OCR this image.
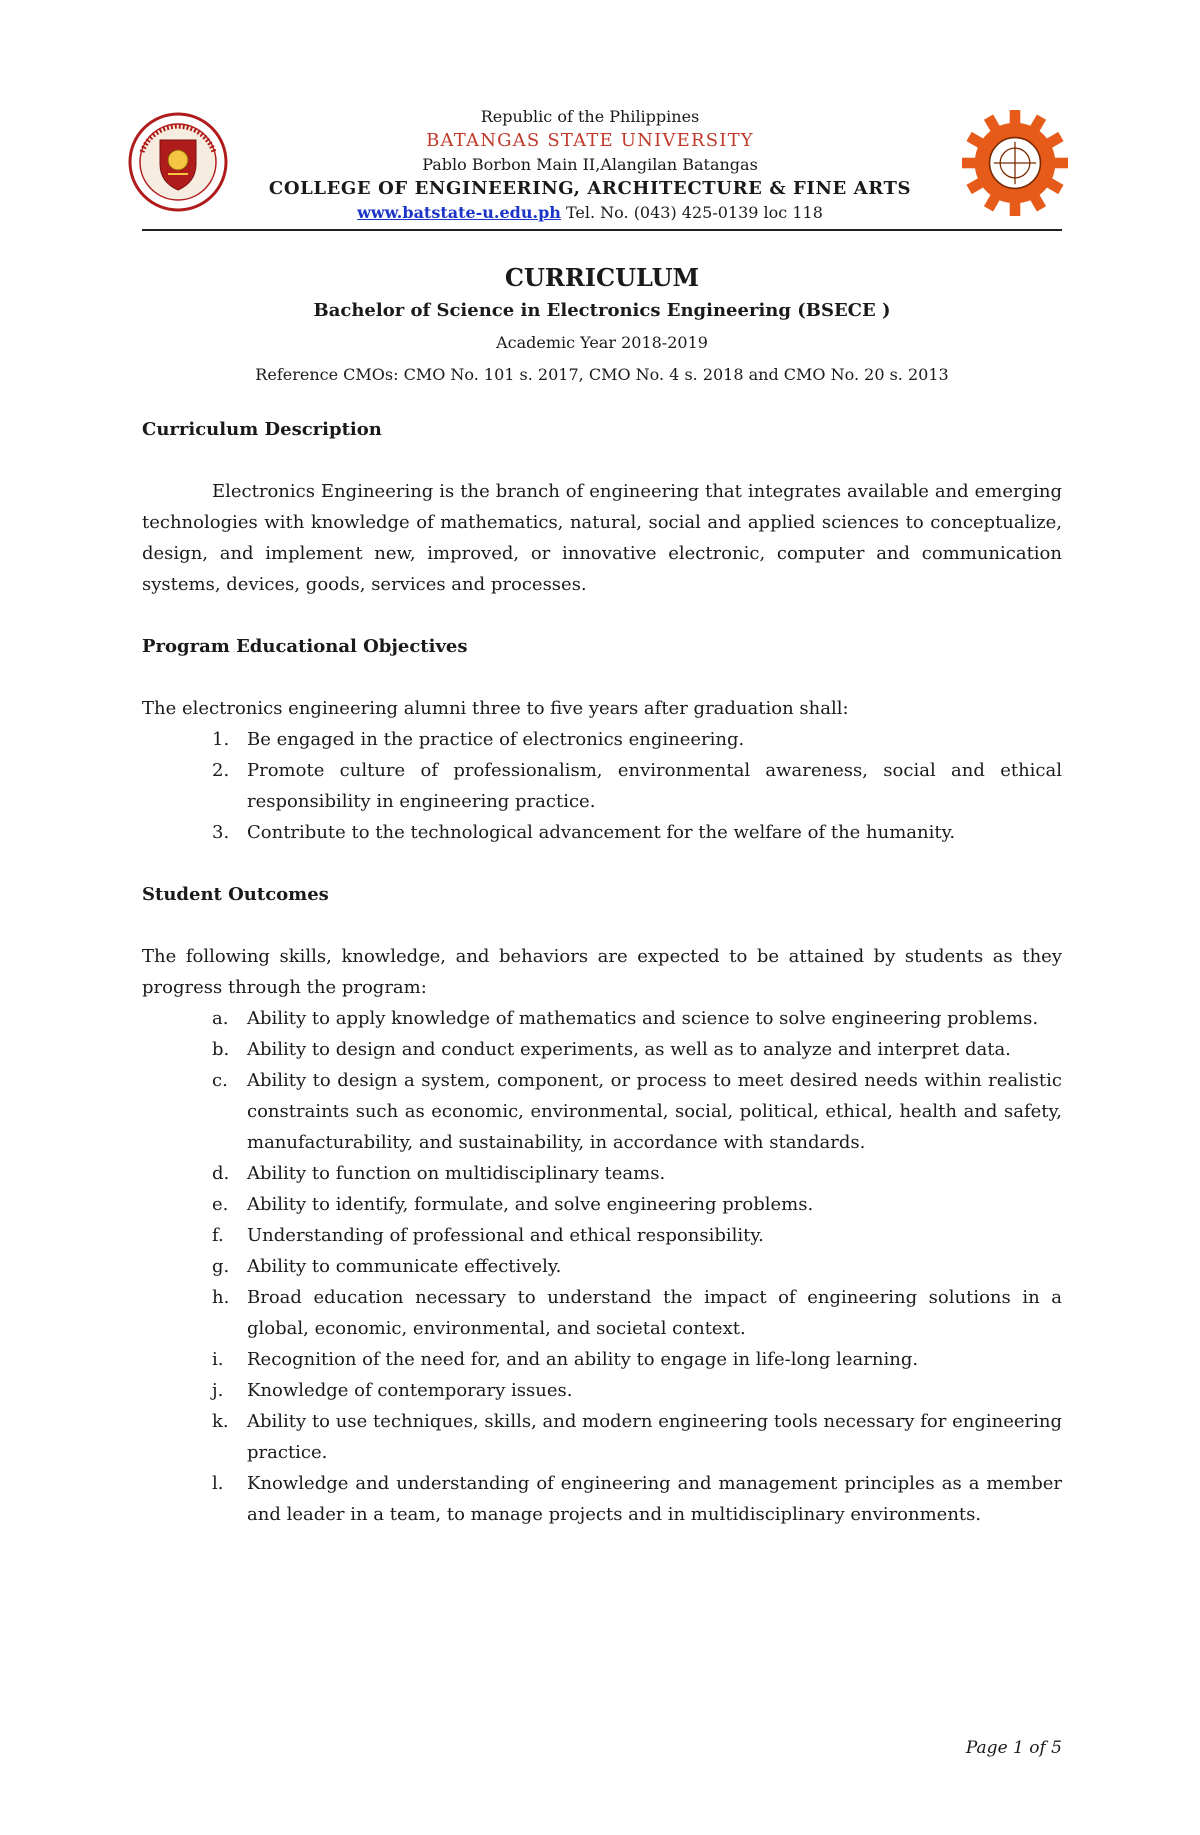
Republic of the Philippines
BATANGAS STATE UNIVERSITY
Pablo Borbon Main II,Alangilan Batangas
COLLEGE OF ENGINEERING, ARCHITECTURE & FINE ARTS
www.batstate-u.edu.ph Tel. No. (043) 425-0139 loc 118
CURRICULUM
Bachelor of Science in Electronics Engineering (BSECE )
Academic Year 2018-2019
Reference CMOs: CMO No. 101 s. 2017, CMO No. 4 s. 2018 and CMO No. 20 s. 2013
Curriculum Description

Electronics Engineering is the branch of engineering that integrates available and emerging technologies with knowledge of mathematics, natural, social and applied sciences to conceptualize, design, and implement new, improved, or innovative electronic, computer and communication systems, devices, goods, services and processes.

Program Educational Objectives

The electronics engineering alumni three to five years after graduation shall:

1. Be engaged in the practice of electronics engineering.
2. Promote culture of professionalism, environmental awareness, social and ethical responsibility in engineering practice.
3. Contribute to the technological advancement for the welfare of the humanity.
Student Outcomes

The following skills, knowledge, and behaviors are expected to be attained by students as they progress through the program:

a. Ability to apply knowledge of mathematics and science to solve engineering problems.
b. Ability to design and conduct experiments, as well as to analyze and interpret data.
c. Ability to design a system, component, or process to meet desired needs within realistic constraints such as economic, environmental, social, political, ethical, health and safety, manufacturability, and sustainability, in accordance with standards.
d. Ability to function on multidisciplinary teams.
e. Ability to identify, formulate, and solve engineering problems.
f. Understanding of professional and ethical responsibility.
g. Ability to communicate effectively.
h. Broad education necessary to understand the impact of engineering solutions in a global, economic, environmental, and societal context.
i. Recognition of the need for, and an ability to engage in life-long learning.
j. Knowledge of contemporary issues.
k. Ability to use techniques, skills, and modern engineering tools necessary for engineering practice.
l. Knowledge and understanding of engineering and management principles as a member and leader in a team, to manage projects and in multidisciplinary environments.
Page 1 of 5
